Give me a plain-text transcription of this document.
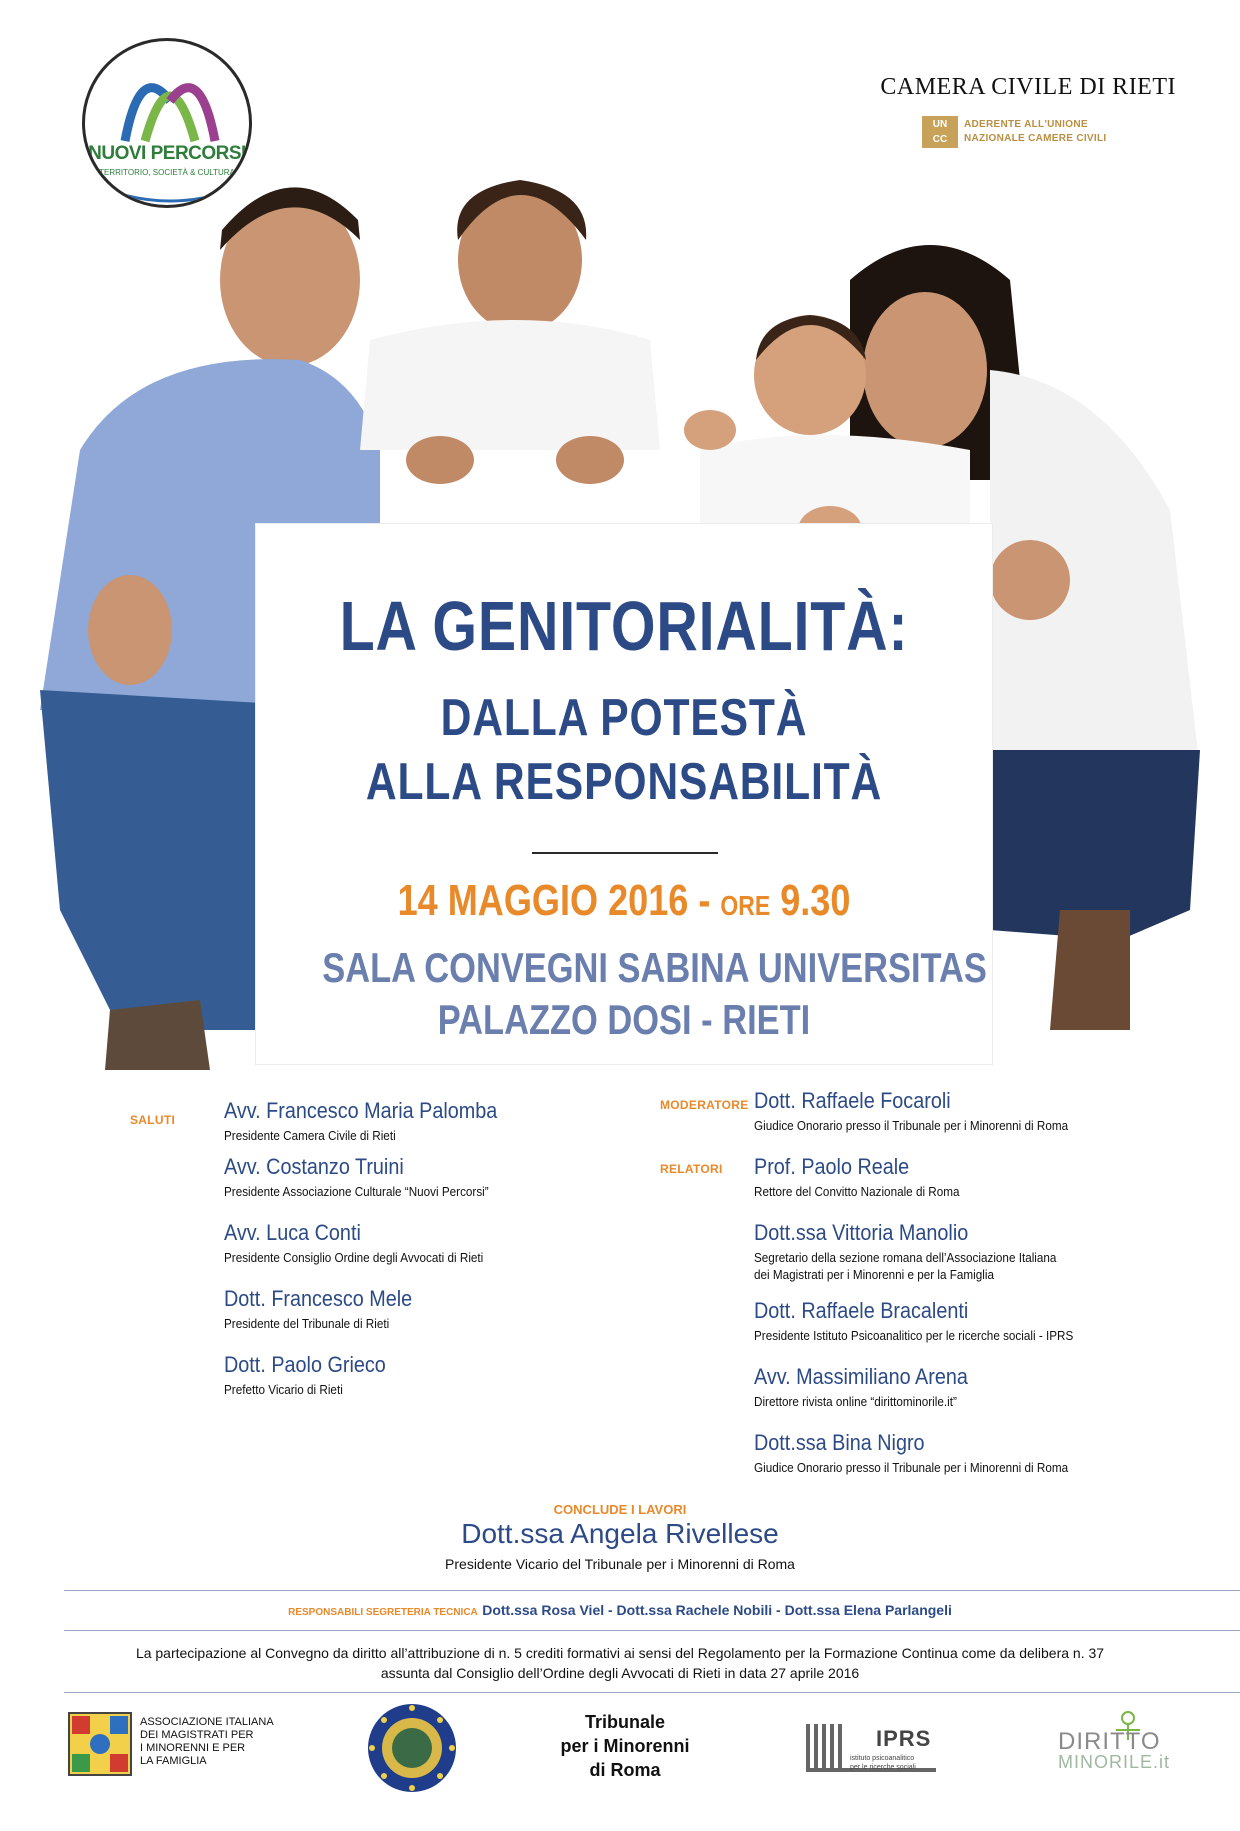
NUOVI PERCORSI
TERRITORIO, SOCIETÀ & CULTURA
CAMERA CIVILE DI RIETI
UN
CC
ADERENTE ALL'UNIONE
NAZIONALE CAMERE CIVILI
LA GENITORIALITÀ:
DALLA POTESTÀ
ALLA RESPONSABILITÀ
14 MAGGIO 2016 - ORE 9.30
SALA CONVEGNI SABINA UNIVERSITAS
PALAZZO DOSI - RIETI
SALUTI Avv. Francesco Maria Palomba
Presidente Camera Civile di Rieti
Avv. Costanzo Truini
Presidente Associazione Culturale “Nuovi Percorsi”
Avv. Luca Conti
Presidente Consiglio Ordine degli Avvocati di Rieti
Dott. Francesco Mele
Presidente del Tribunale di Rieti
Dott. Paolo Grieco
Prefetto Vicario di Rieti
MODERATORE Dott. Raffaele Focaroli
Giudice Onorario presso il Tribunale per i Minorenni di Roma
RELATORI Prof. Paolo Reale
Rettore del Convitto Nazionale di Roma
Dott.ssa Vittoria Manolio
Segretario della sezione romana dell’Associazione Italiana
dei Magistrati per i Minorenni e per la Famiglia
Dott. Raffaele Bracalenti
Presidente Istituto Psicoanalitico per le ricerche sociali - IPRS
Avv. Massimiliano Arena
Direttore rivista online “dirittominorile.it”
Dott.ssa Bina Nigro
Giudice Onorario presso il Tribunale per i Minorenni di Roma
CONCLUDE I LAVORI
Dott.ssa Angela Rivellese
Presidente Vicario del Tribunale per i Minorenni di Roma
RESPONSABILI SEGRETERIA TECNICA Dott.ssa Rosa Viel - Dott.ssa Rachele Nobili - Dott.ssa Elena Parlangeli
La partecipazione al Convegno da diritto all’attribuzione di n. 5 crediti formativi ai sensi del Regolamento per la Formazione Continua come da delibera n. 37
assunta dal Consiglio dell’Ordine degli Avvocati di Rieti in data 27 aprile 2016
ASSOCIAZIONE ITALIANA
DEI MAGISTRATI PER
I MINORENNI E PER
LA FAMIGLIA
Tribunale
per i Minorenni
di Roma
IPRS
istituto psicoanalitico
per le ricerche sociali
DIRITTO
MINORILE.it
